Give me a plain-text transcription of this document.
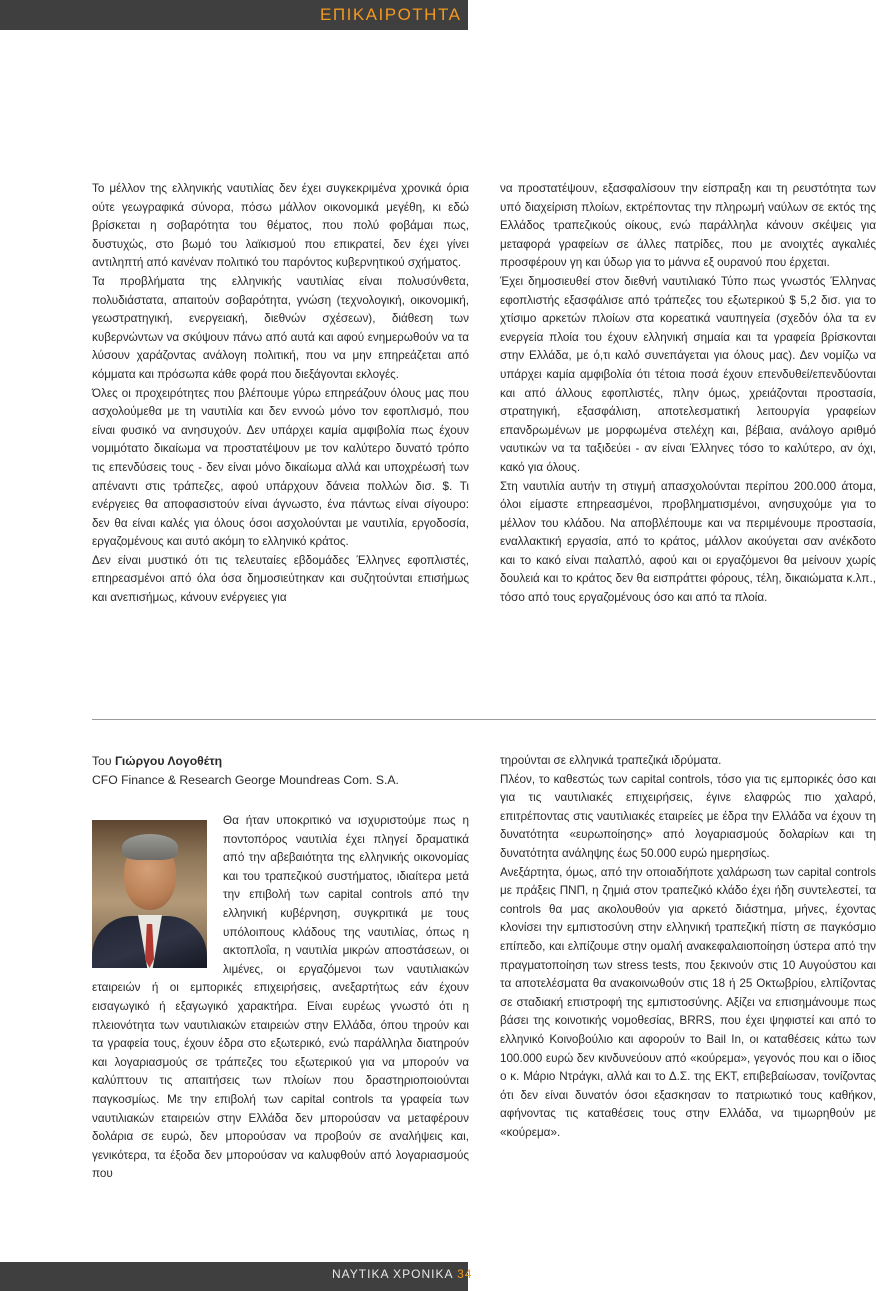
ΕΠΙΚΑΙΡΟΤΗΤΑ

Το μέλλον της ελληνικής ναυτιλίας δεν έχει συγκεκριμένα χρονικά όρια ούτε γεωγραφικά σύνορα, πόσω μάλλον οικονομικά μεγέθη, κι εδώ βρίσκεται η σοβαρότητα του θέματος, που πολύ φοβάμαι πως, δυστυχώς, στο βωμό του λαϊκισμού που επικρατεί, δεν έχει γίνει αντιληπτή από κανέναν πολιτικό του παρόντος κυβερνητικού σχήματος.

Τα προβλήματα της ελληνικής ναυτιλίας είναι πολυσύνθετα, πολυδιάστατα, απαιτούν σοβαρότητα, γνώση (τεχνολογική, οικονομική, γεωστρατηγική, ενεργειακή, διεθνών σχέσεων), διάθεση των κυβερνώντων να σκύψουν πάνω από αυτά και αφού ενημερωθούν να τα λύσουν χαράζοντας ανάλογη πολιτική, που να μην επηρεάζεται από κόμματα και πρόσωπα κάθε φορά που διεξάγονται εκλογές.

Όλες οι προχειρότητες που βλέπουμε γύρω επηρεάζουν όλους μας που ασχολούμεθα με τη ναυτιλία και δεν εννοώ μόνο τον εφοπλισμό, που είναι φυσικό να ανησυχούν. Δεν υπάρχει καμία αμφιβολία πως έχουν νομιμότατο δικαίωμα να προστατέψουν με τον καλύτερο δυνατό τρόπο τις επενδύσεις τους - δεν είναι μόνο δικαίωμα αλλά και υποχρέωσή των απέναντι στις τράπεζες, αφού υπάρχουν δάνεια πολλών δισ. $. Τι ενέργειες θα αποφασιστούν είναι άγνωστο, ένα πάντως είναι σίγουρο: δεν θα είναι καλές για όλους όσοι ασχολούνται με ναυτιλία, εργοδοσία, εργαζομένους και αυτό ακόμη το ελληνικό κράτος.

Δεν είναι μυστικό ότι τις τελευταίες εβδομάδες Έλληνες εφοπλιστές, επηρεασμένοι από όλα όσα δημοσιεύτηκαν και συζητούνται επισήμως και ανεπισήμως, κάνουν ενέργειες για

να προστατέψουν, εξασφαλίσουν την είσπραξη και τη ρευστότητα των υπό διαχείριση πλοίων, εκτρέποντας την πληρωμή ναύλων σε εκτός της Ελλάδος τραπεζικούς οίκους, ενώ παράλληλα κάνουν σκέψεις για μεταφορά γραφείων σε άλλες πατρίδες, που με ανοιχτές αγκαλιές προσφέρουν γη και ύδωρ για το μάννα εξ ουρανού που έρχεται.

Έχει δημοσιευθεί στον διεθνή ναυτιλιακό Τύπο πως γνωστός Έλληνας εφοπλιστής εξασφάλισε από τράπεζες του εξωτερικού $ 5,2 δισ. για το χτίσιμο αρκετών πλοίων στα κορεατικά ναυπηγεία (σχεδόν όλα τα εν ενεργεία πλοία του έχουν ελληνική σημαία και τα γραφεία βρίσκονται στην Ελλάδα, με ό,τι καλό συνεπάγεται για όλους μας). Δεν νομίζω να υπάρχει καμία αμφιβολία ότι τέτοια ποσά έχουν επενδυθεί/επενδύονται και από άλλους εφοπλιστές, πλην όμως, χρειάζονται προστασία, στρατηγική, εξασφάλιση, αποτελεσματική λειτουργία γραφείων επανδρωμένων με μορφωμένα στελέχη και, βέβαια, ανάλογο αριθμό ναυτικών να τα ταξιδεύει - αν είναι Έλληνες τόσο το καλύτερο, αν όχι, κακό για όλους.

Στη ναυτιλία αυτήν τη στιγμή απασχολούνται περίπου 200.000 άτομα, όλοι είμαστε επηρεασμένοι, προβληματισμένοι, ανησυχούμε για το μέλλον του κλάδου. Να αποβλέπουμε και να περιμένουμε προστασία, εναλλακτική εργασία, από το κράτος, μάλλον ακούγεται σαν ανέκδοτο και το κακό είναι παλαπλό, αφού και οι εργαζόμενοι θα μείνουν χωρίς δουλειά και το κράτος δεν θα εισπράττει φόρους, τέλη, δικαιώματα κ.λπ., τόσο από τους εργαζομένους όσο και από τα πλοία.

Του Γιώργου Λογοθέτη
CFO Finance & Research George Moundreas Com. S.A.

Θα ήταν υποκριτικό να ισχυριστούμε πως η ποντοπόρος ναυτιλία έχει πληγεί δραματικά από την αβεβαιότητα της ελληνικής οικονομίας και του τραπεζικού συστήματος, ιδιαίτερα μετά την επιβολή των capital controls από την ελληνική κυβέρνηση, συγκριτικά με τους υπόλοιπους κλάδους της ναυτιλίας, όπως η ακτοπλοΐα, η ναυτιλία μικρών αποστάσεων, οι λιμένες, οι εργαζόμενοι των ναυτιλιακών εταιρειών ή οι εμπορικές επιχειρήσεις, ανεξαρτήτως εάν έχουν εισαγωγικό ή εξαγωγικό χαρακτήρα. Είναι ευρέως γνωστό ότι η πλειονότητα των ναυτιλιακών εταιρειών στην Ελλάδα, όπου τηρούν και τα γραφεία τους, έχουν έδρα στο εξωτερικό, ενώ παράλληλα διατηρούν και λογαριασμούς σε τράπεζες του εξωτερικού για να μπορούν να καλύπτουν τις απαιτήσεις των πλοίων που δραστηριοποιούνται παγκοσμίως. Με την επιβολή των capital controls τα γραφεία των ναυτιλιακών εταιρειών στην Ελλάδα δεν μπορούσαν να μεταφέρουν δολάρια σε ευρώ, δεν μπορούσαν να προβούν σε αναλήψεις και, γενικότερα, τα έξοδα δεν μπορούσαν να καλυφθούν από λογαριασμούς που

τηρούνται σε ελληνικά τραπεζικά ιδρύματα.

Πλέον, το καθεστώς των capital controls, τόσο για τις εμπορικές όσο και για τις ναυτιλιακές επιχειρήσεις, έγινε ελαφρώς πιο χαλαρό, επιτρέποντας στις ναυτιλιακές εταιρείες με έδρα την Ελλάδα να έχουν τη δυνατότητα «ευρωποίησης» από λογαριασμούς δολαρίων και τη δυνατότητα ανάληψης έως 50.000 ευρώ ημερησίως.

Ανεξάρτητα, όμως, από την οποιαδήποτε χαλάρωση των capital controls με πράξεις ΠΝΠ, η ζημιά στον τραπεζικό κλάδο έχει ήδη συντελεστεί, τα controls θα μας ακολουθούν για αρκετό διάστημα, μήνες, έχοντας κλονίσει την εμπιστοσύνη στην ελληνική τραπεζική πίστη σε παγκόσμιο επίπεδο, και ελπίζουμε στην ομαλή ανακεφαλαιοποίηση ύστερα από την πραγματοποίηση των stress tests, που ξεκινούν στις 10 Αυγούστου και τα αποτελέσματα θα ανακοινωθούν στις 18 ή 25 Οκτωβρίου, ελπίζοντας σε σταδιακή επιστροφή της εμπιστοσύνης. Αξίζει να επισημάνουμε πως βάσει της κοινοτικής νομοθεσίας, BRRS, που έχει ψηφιστεί και από το ελληνικό Κοινοβούλιο και αφορούν το Bail In, οι καταθέσεις κάτω των 100.000 ευρώ δεν κινδυνεύουν από «κούρεμα», γεγονός που και ο ίδιος ο κ. Μάριο Ντράγκι, αλλά και το Δ.Σ. της ΕΚΤ, επιβεβαίωσαν, τονίζοντας ότι δεν είναι δυνατόν όσοι εξασκησαν το πατριωτικό τους καθήκον, αφήνοντας τις καταθέσεις τους στην Ελλάδα, να τιμωρηθούν με «κούρεμα».

ΝΑΥΤΙΚΑ ΧΡΟΝΙΚΑ 34
